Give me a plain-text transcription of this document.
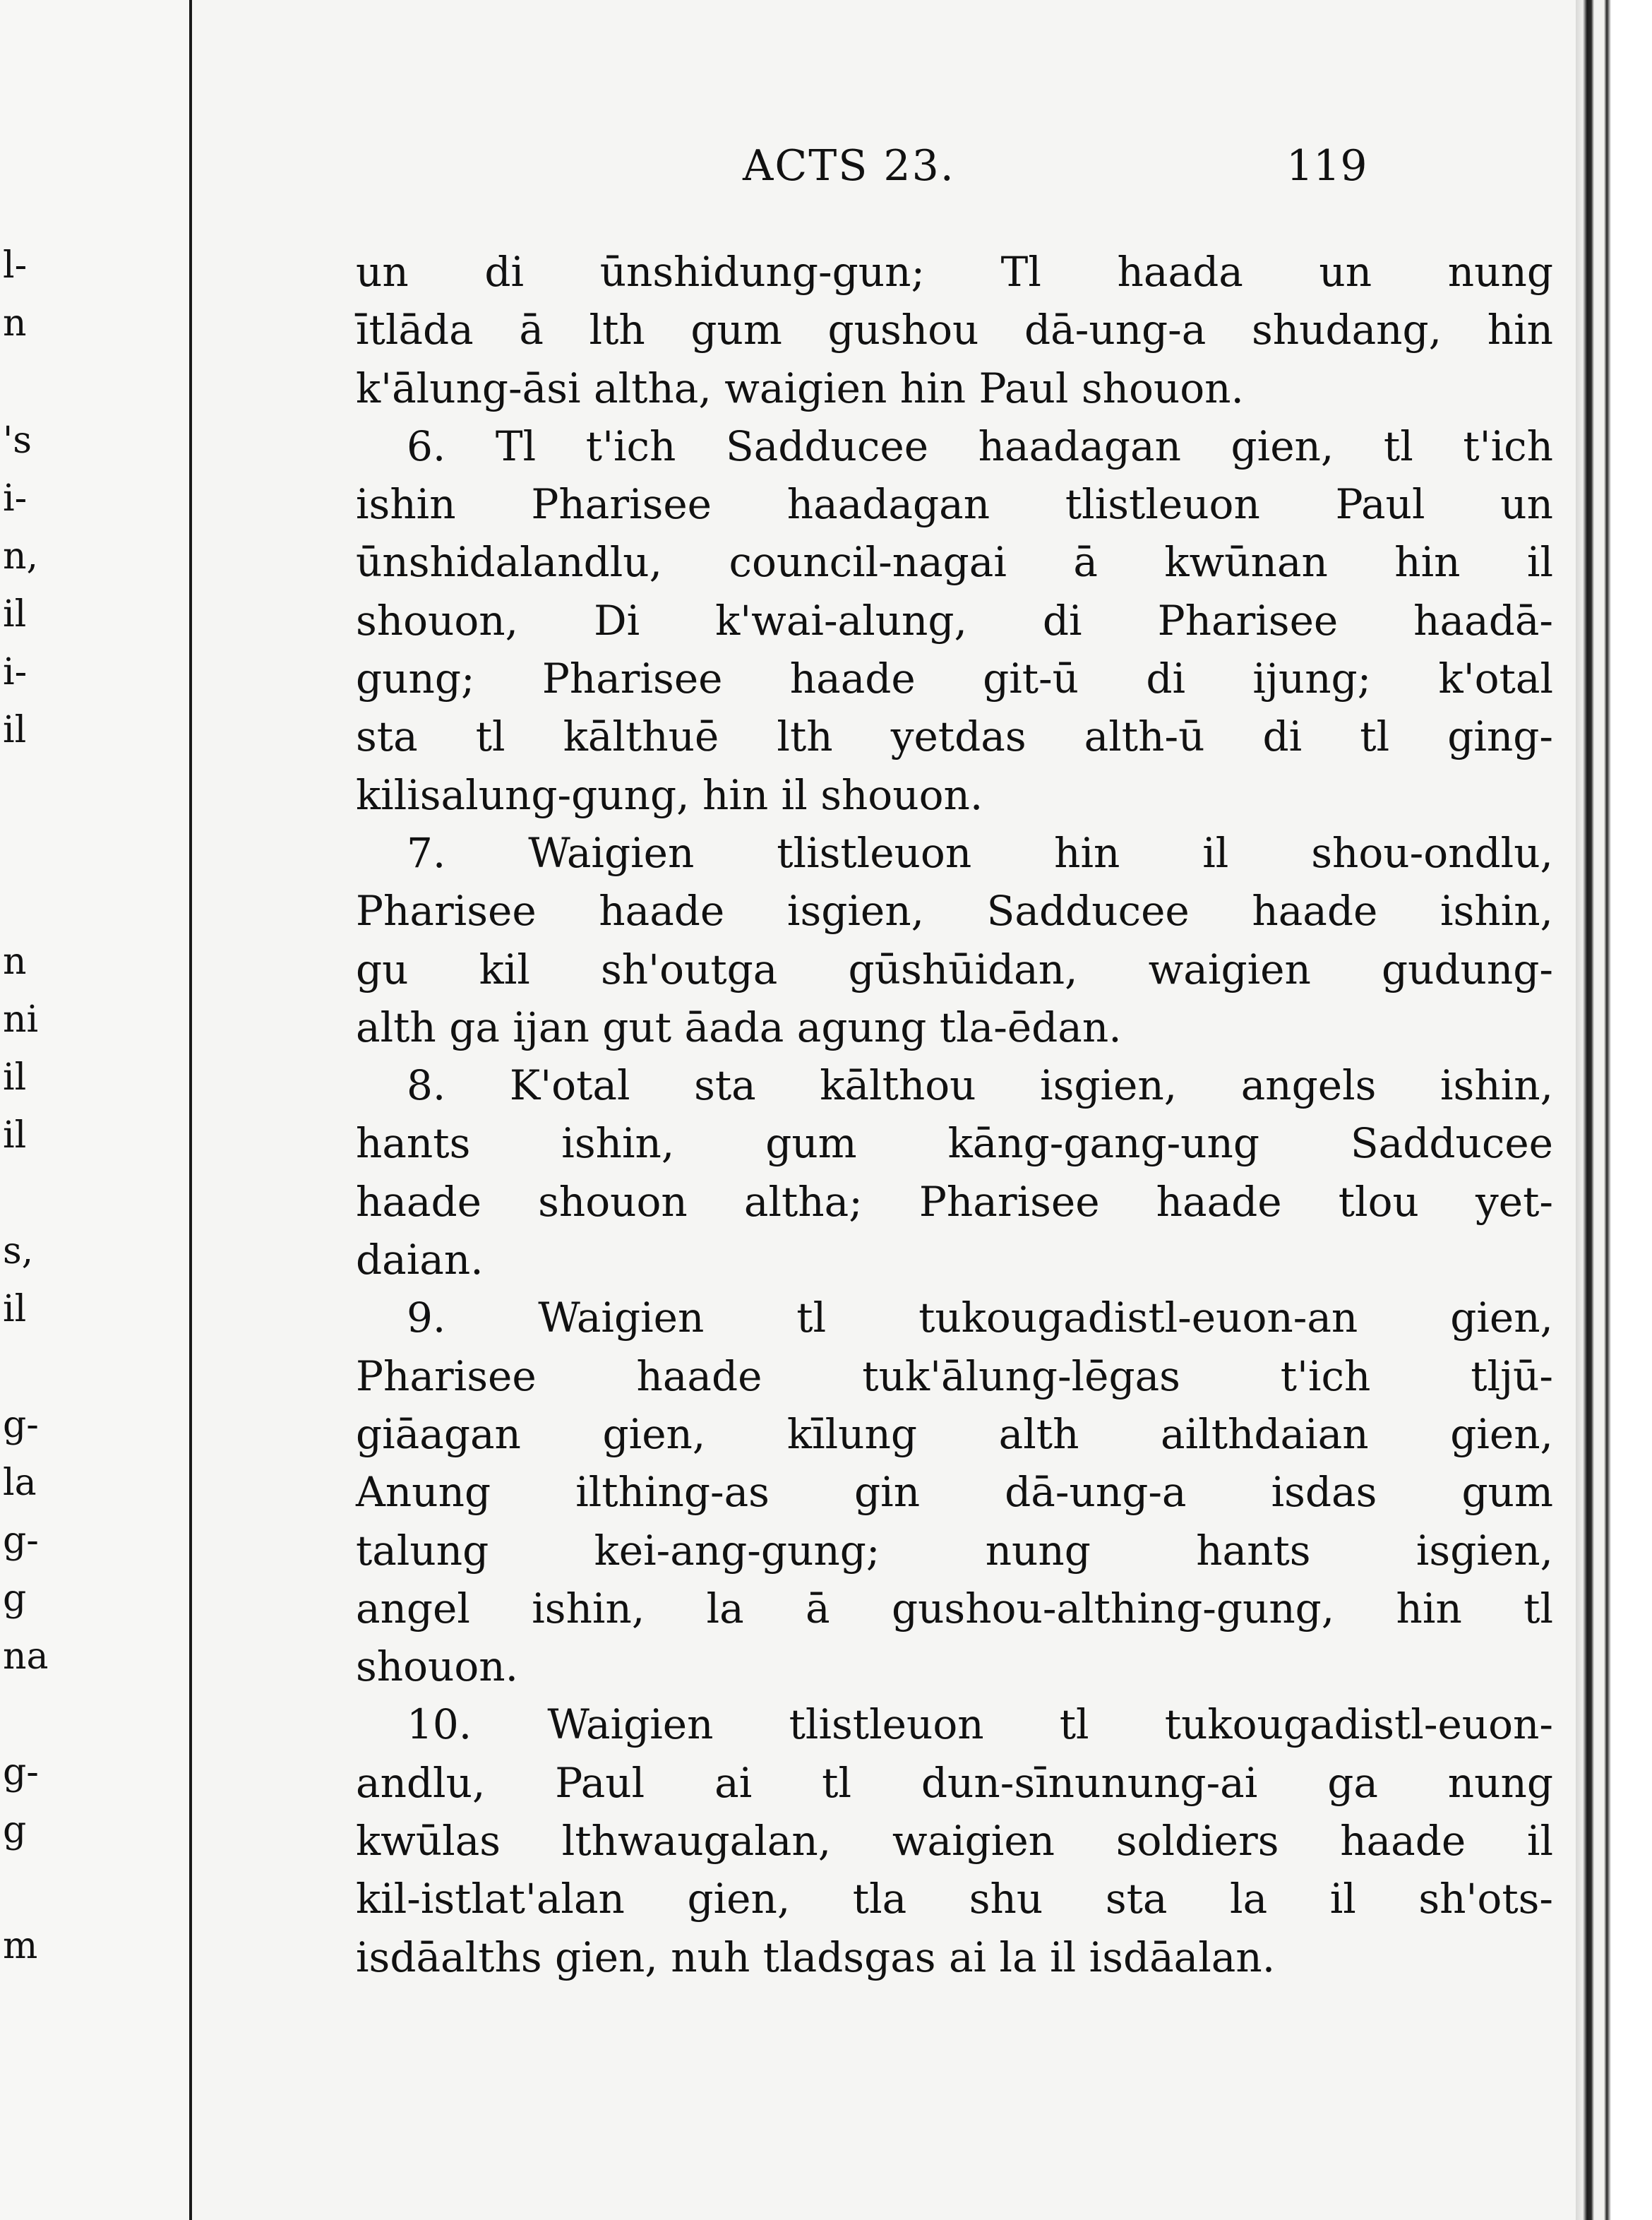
l-
n
's
i-
n,
il
i-
il
n
ni
il
il
s,
il
g-
la
g-
g
na
g-
g
m
ACTS 23.	119
un di ūnshidung-gun; Tl haada un nung
ītlāda ā lth gum gushou dā-ung-a shudang, hin
k'ālung-āsi altha, waigien hin Paul shouon.
6. Tl t'ich Sadducee haadagan gien, tl t'ich
ishin Pharisee haadagan tlistleuon Paul un
ūnshidalandlu, council-nagai ā kwūnan hin il
shouon, Di k'wai-alung, di Pharisee haadā-
gung; Pharisee haade git-ū di ijung; k'otal
sta tl kālthuē lth yetdas alth-ū di tl ging-
kilisalung-gung, hin il shouon.
7. Waigien tlistleuon hin il shou-ondlu,
Pharisee haade isgien, Sadducee haade ishin,
gu kil sh'outga gūshūidan, waigien gudung-
alth ga ijan gut āada agung tla-ēdan.
8. K'otal sta kālthou isgien, angels ishin,
hants ishin, gum kāng-gang-ung Sadducee
haade shouon altha; Pharisee haade tlou yet-
daian.
9. Waigien tl tukougadistl-euon-an gien,
Pharisee haade tuk'ālung-lēgas t'ich tljū-
giāagan gien, kīlung alth ailthdaian gien,
Anung ilthing-as gin dā-ung-a isdas gum
talung kei-ang-gung; nung hants isgien,
angel ishin, la ā gushou-althing-gung, hin tl
shouon.
10. Waigien tlistleuon tl tukougadistl-euon-
andlu, Paul ai tl dun-sīnunung-ai ga nung
kwūlas lthwaugalan, waigien soldiers haade il
kil-istlat'alan gien, tla shu sta la il sh'ots-
isdāalths gien, nuh tladsgas ai la il isdāalan.
